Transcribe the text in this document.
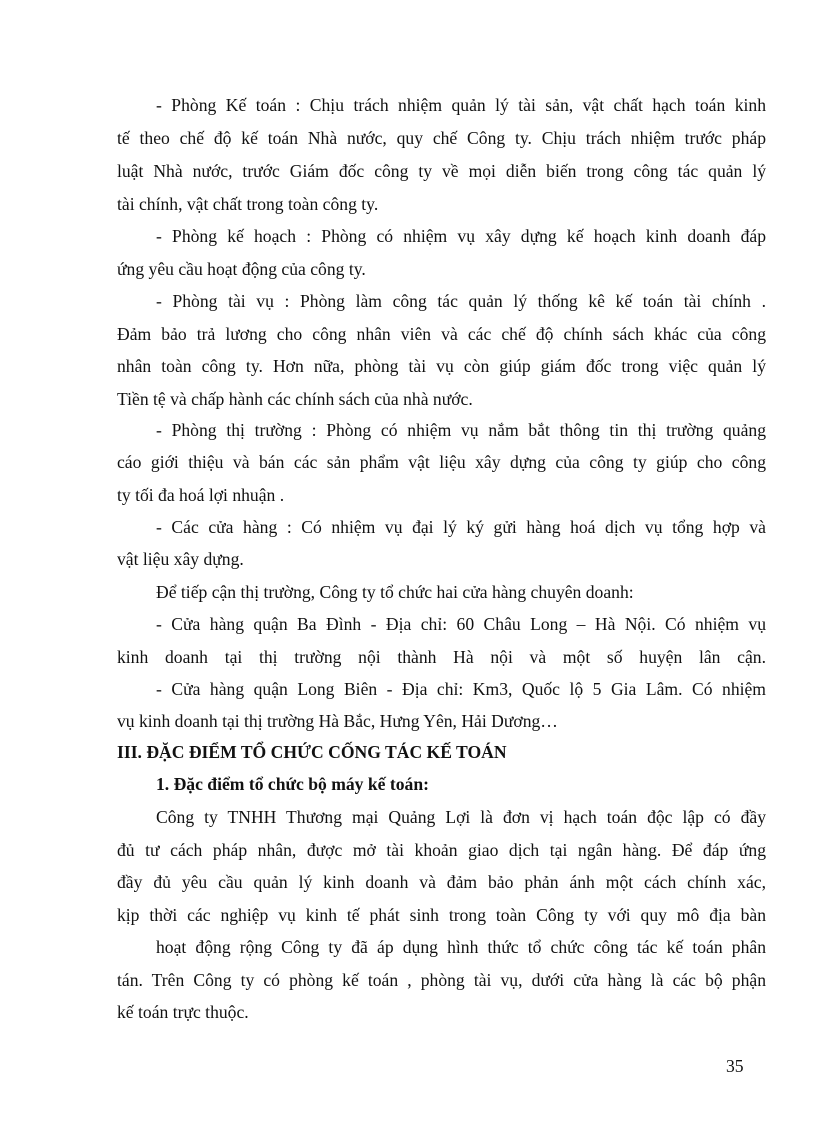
- Phòng Kế toán : Chịu trách nhiệm quản lý tài sản, vật chất hạch toán kinh
tế theo chế độ kế toán Nhà nước, quy chế Công ty. Chịu trách nhiệm trước pháp
luật Nhà nước, trước Giám đốc công ty về mọi diễn biến trong công tác quản lý
tài chính, vật chất trong toàn công ty.
- Phòng kế hoạch : Phòng có nhiệm vụ xây dựng kế hoạch kinh doanh đáp
ứng yêu cầu hoạt động của công ty.
- Phòng tài vụ : Phòng làm công tác quản lý thống kê kế toán tài chính .
Đảm bảo trả lương cho công nhân viên và các chế độ chính sách khác của công
nhân toàn công ty. Hơn nữa, phòng tài vụ còn giúp giám đốc trong việc quản lý
Tiền tệ và chấp hành các chính sách của nhà nước.
- Phòng thị trường : Phòng có nhiệm vụ nắm bắt thông tin thị trường quảng
cáo giới thiệu và bán các sản phẩm vật liệu xây dựng của công ty giúp cho công
ty tối đa hoá lợi nhuận .
- Các cửa hàng : Có nhiệm vụ đại lý ký gửi hàng hoá dịch vụ tổng hợp và
vật liệu xây dựng.
Để tiếp cận thị trường, Công ty tổ chức hai cửa hàng chuyên doanh:
- Cửa hàng quận Ba Đình - Địa chỉ: 60 Châu Long – Hà Nội. Có nhiệm vụ
kinh doanh tại thị trường nội thành Hà nội và một số huyện lân cận.
- Cửa hàng quận Long Biên - Địa chỉ: Km3, Quốc lộ 5 Gia Lâm. Có nhiệm
vụ kinh doanh tại thị trường Hà Bắc, Hưng Yên, Hải Dương…
III. ĐẶC ĐIỂM TỔ CHỨC CỐNG TÁC KẾ TOÁN
1. Đặc điểm tổ chức bộ máy kế toán:
Công ty TNHH Thương mại Quảng Lợi là đơn vị hạch toán độc lập có đầy
đủ tư cách pháp nhân, được mở tài khoản giao dịch tại ngân hàng. Để đáp ứng
đầy đủ yêu cầu quản lý kinh doanh và đảm bảo phản ánh một cách chính xác,
kịp thời các nghiệp vụ kinh tế phát sinh trong toàn Công ty với quy mô địa bàn
hoạt động rộng Công ty đã áp dụng hình thức tổ chức công tác kế toán phân
tán. Trên Công ty có phòng kế toán , phòng tài vụ, dưới cửa hàng là các bộ phận
kế toán trực thuộc.
35
